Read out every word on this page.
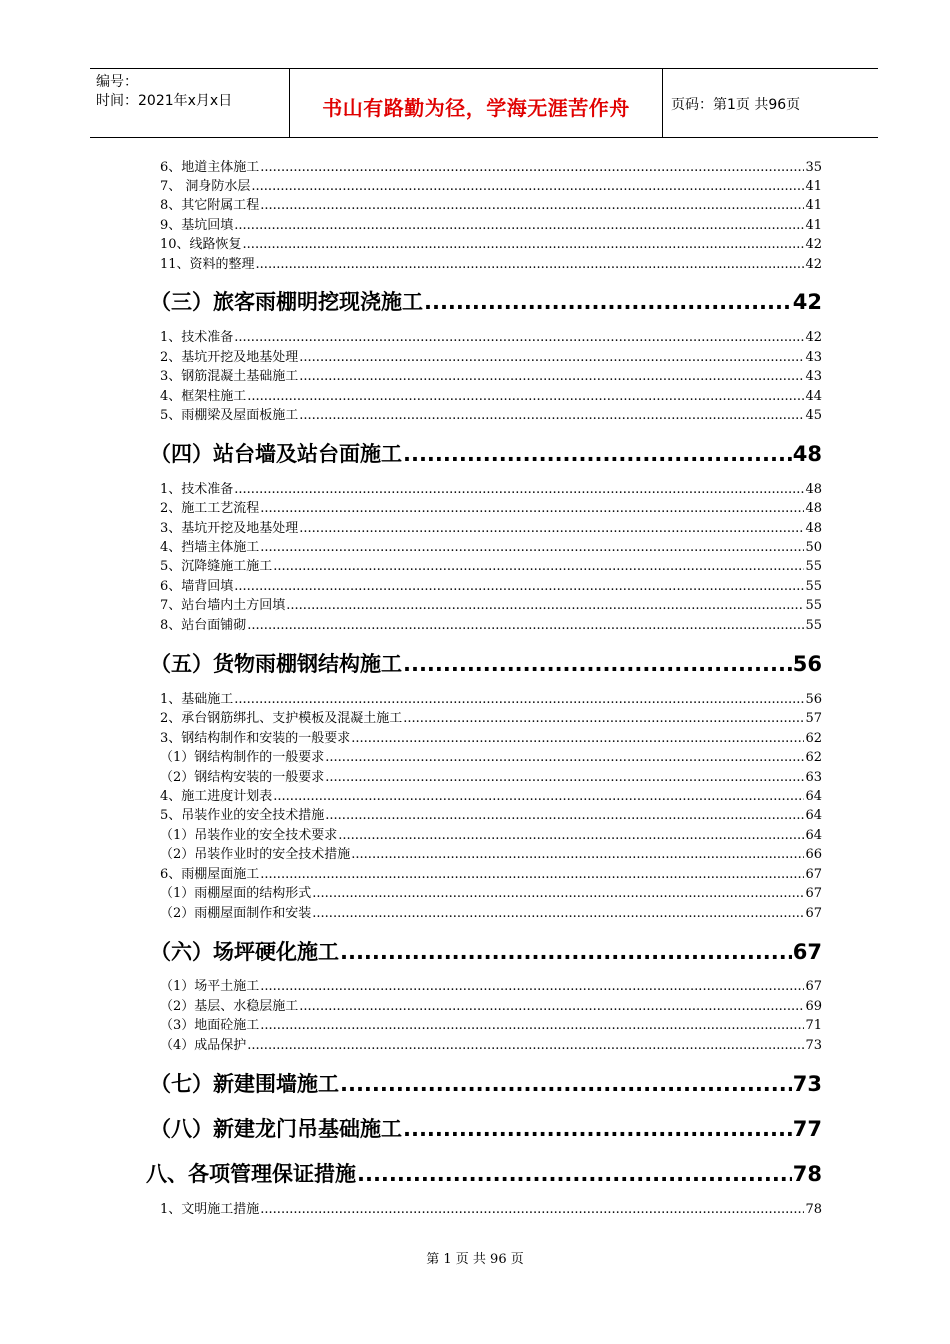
编号：
时间：2021年x月x日	书山有路勤为径，学海无涯苦作舟	页码：第1页 共96页
6、地道主体施工 .....	35
7、 洞身防水层 .....	41
8、其它附属工程 .....	41
9、基坑回填 .....	41
10、线路恢复 .....	42
11、资料的整理 .....	42
（三）旅客雨棚明挖现浇施工 .....	42
1、技术准备 .....	42
2、基坑开挖及地基处理 .....	43
3、钢筋混凝土基础施工 .....	43
4、框架柱施工 .....	44
5、雨棚梁及屋面板施工 .....	45
（四）站台墙及站台面施工 .....	48
1、技术准备 .....	48
2、施工工艺流程 .....	48
3、基坑开挖及地基处理 .....	48
4、挡墙主体施工 .....	50
5、沉降缝施工施工 .....	55
6、墙背回填 .....	55
7、站台墙内土方回填 .....	55
8、站台面铺砌 .....	55
（五）货物雨棚钢结构施工 .....	56
1、基础施工 .....	56
2、承台钢筋绑扎、支护模板及混凝土施工 .....	57
3、钢结构制作和安装的一般要求 .....	62
（1）钢结构制作的一般要求 .....	62
（2）钢结构安装的一般要求 .....	63
4、施工进度计划表 .....	64
5、吊装作业的安全技术措施 .....	64
（1）吊装作业的安全技术要求 .....	64
（2）吊装作业时的安全技术措施 .....	66
6、雨棚屋面施工 .....	67
（1）雨棚屋面的结构形式 .....	67
（2）雨棚屋面制作和安装 .....	67
（六）场坪硬化施工 .....	67
（1）场平土施工 .....	67
（2）基层、水稳层施工 .....	69
（3）地面砼施工 .....	71
（4）成品保护 .....	73
（七）新建围墙施工 .....	73
（八）新建龙门吊基础施工 .....	77
八、各项管理保证措施 .....	78
1、文明施工措施 .....	78
第 1 页 共 96 页
